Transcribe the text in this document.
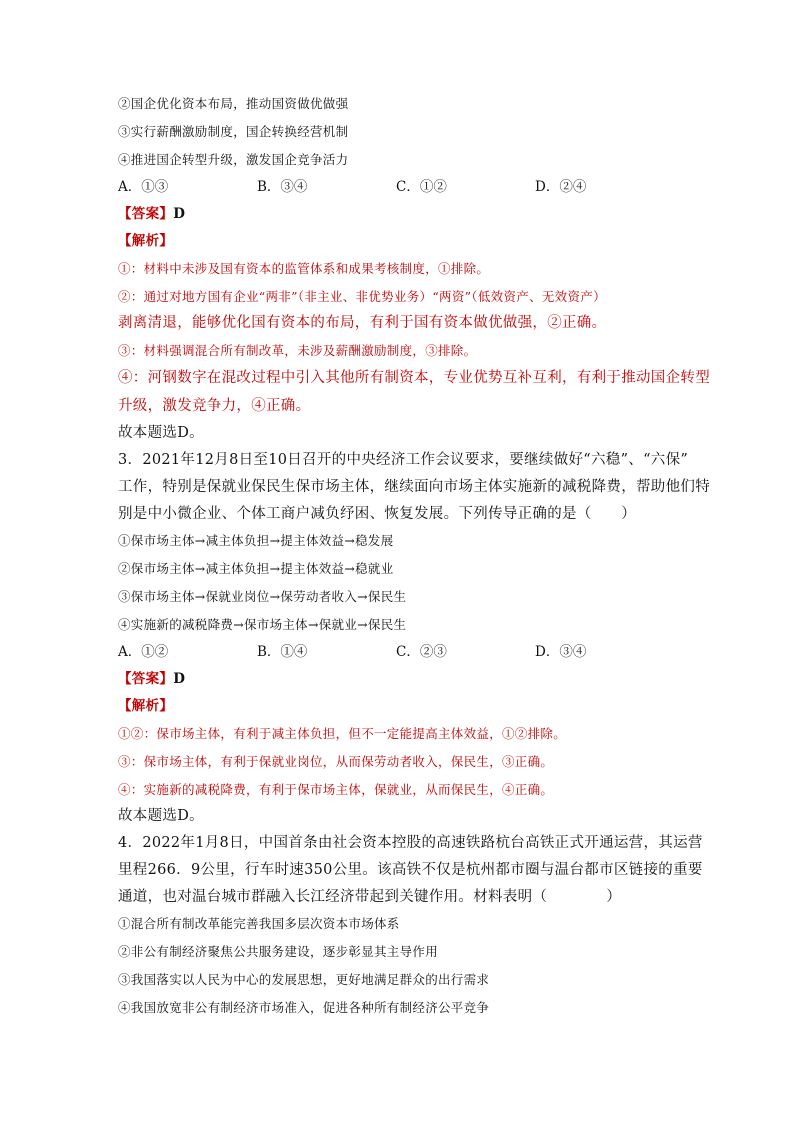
②国企优化资本布局，推动国资做优做强
③实行薪酬激励制度，国企转换经营机制
④推进国企转型升级，激发国企竞争活力
A．①③	B．③④	C．①②	D．②④
【答案】D
【解析】
①：材料中未涉及国有资本的监管体系和成果考核制度，①排除。
②：通过对地方国有企业“两非”（非主业、非优势业务）“两资”（低效资产、无效资产）
剥离清退，能够优化国有资本的布局，有利于国有资本做优做强，②正确。
③：材料强调混合所有制改革，未涉及薪酬激励制度，③排除。
④：河钢数字在混改过程中引入其他所有制资本，专业优势互补互利，有利于推动国企转型
升级，激发竞争力，④正确。
故本题选D。
3．2021年12月8日至10日召开的中央经济工作会议要求，要继续做好“六稳”、“六保”
工作，特别是保就业保民生保市场主体，继续面向市场主体实施新的减税降费，帮助他们特
别是中小微企业、个体工商户减负纾困、恢复发展。下列传导正确的是（　　）
①保市场主体→减主体负担→提主体效益→稳发展
②保市场主体→减主体负担→提主体效益→稳就业
③保市场主体→保就业岗位→保劳动者收入→保民生
④实施新的减税降费→保市场主体→保就业→保民生
A．①②	B．①④	C．②③	D．③④
【答案】D
【解析】
①②：保市场主体，有利于减主体负担，但不一定能提高主体效益，①②排除。
③：保市场主体，有利于保就业岗位，从而保劳动者收入，保民生，③正确。
④：实施新的减税降费，有利于保市场主体，保就业，从而保民生，④正确。
故本题选D。
4．2022年1月8日，中国首条由社会资本控股的高速铁路杭台高铁正式开通运营，其运营
里程266．9公里，行车时速350公里。该高铁不仅是杭州都市圈与温台都市区链接的重要
通道，也对温台城市群融入长江经济带起到关键作用。材料表明（　　　　）
①混合所有制改革能完善我国多层次资本市场体系
②非公有制经济聚焦公共服务建设，逐步彰显其主导作用
③我国落实以人民为中心的发展思想，更好地满足群众的出行需求
④我国放宽非公有制经济市场准入，促进各种所有制经济公平竞争
